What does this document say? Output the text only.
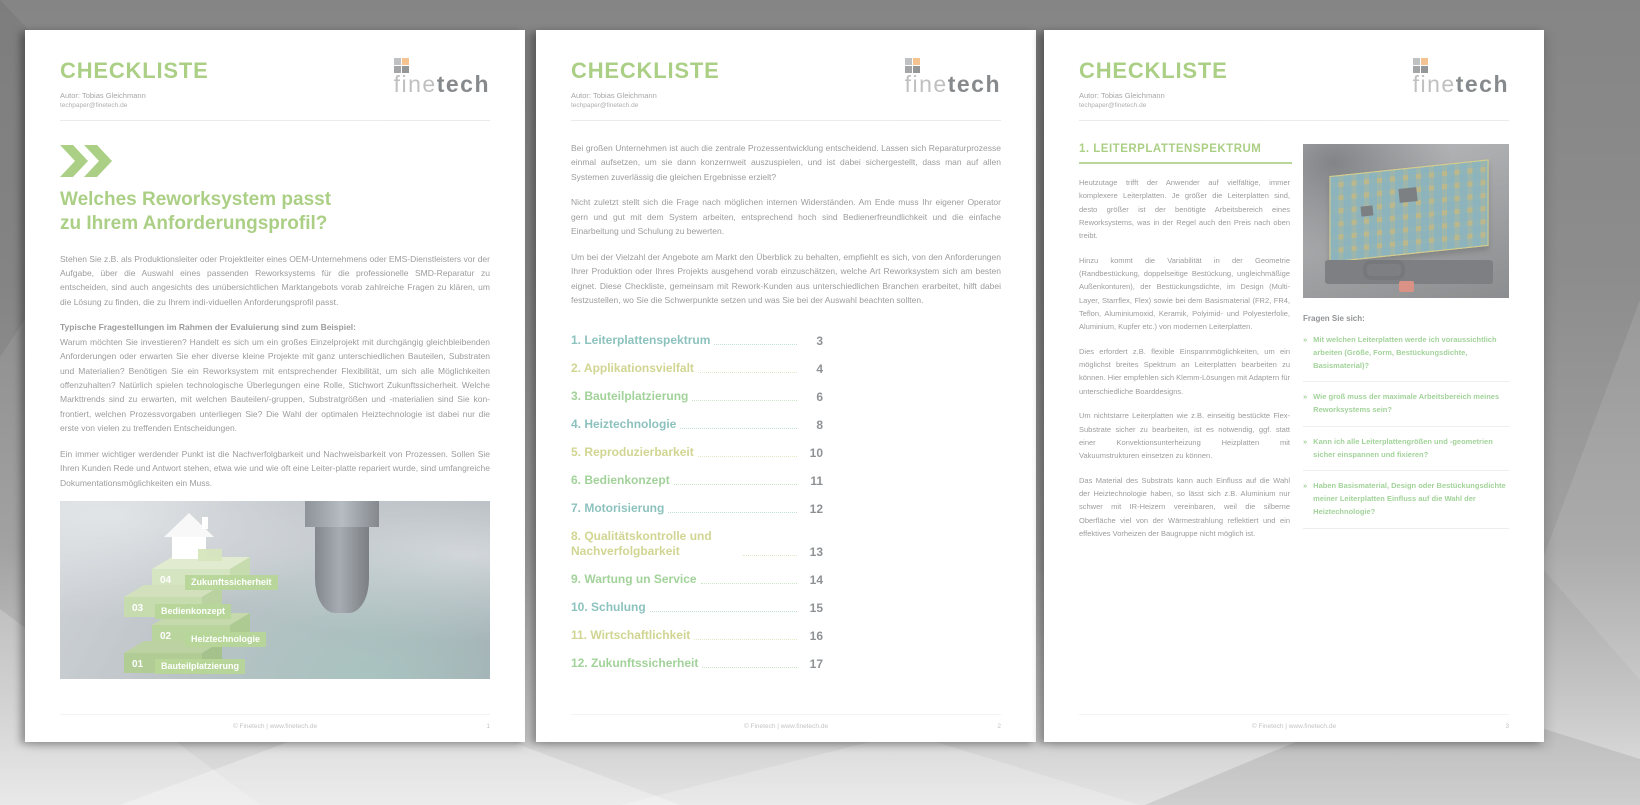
CHECKLISTE
Autor: Tobias Gleichmann
techpaper@finetech.de
finetech
Welches Reworksystem passt
zu Ihrem Anforderungsprofil?

Stehen Sie z.B. als Produktionsleiter oder Projektleiter eines OEM-Unternehmens oder EMS-Dienstleisters vor der Aufgabe, über die Auswahl eines passenden Reworksystems für die professionelle SMD-Reparatur zu entscheiden, sind auch angesichts des unübersichtlichen Marktangebots vorab zahlreiche Fragen zu klären, um die Lösung zu finden, die zu Ihrem indi-viduellen Anforderungsprofil passt.

Typische Fragestellungen im Rahmen der Evaluierung sind zum Beispiel:

Warum möchten Sie investieren? Handelt es sich um ein großes Einzelprojekt mit durchgängig gleichbleibenden Anforderungen oder erwarten Sie eher diverse kleine Projekte mit ganz unterschiedlichen Bauteilen, Substraten und Materialien? Benötigen Sie ein Reworksystem mit entsprechender Flexibilität, um sich alle Möglichkeiten offenzuhalten? Natürlich spielen technologische Überlegungen eine Rolle, Stichwort Zukunftssicherheit. Welche Markttrends sind zu erwarten, mit welchen Bauteilen/-gruppen, Substratgrößen und -materialien sind Sie kon-frontiert, welchen Prozessvorgaben unterliegen Sie? Die Wahl der optimalen Heiztechnologie ist dabei nur die erste von vielen zu treffenden Entscheidungen.

Ein immer wichtiger werdender Punkt ist die Nachverfolgbarkeit und Nachweisbarkeit von Prozessen. Sollen Sie Ihren Kunden Rede und Antwort stehen, etwa wie und wie oft eine Leiter-platte repariert wurde, sind umfangreiche Dokumentationsmöglichkeiten ein Muss.

04
03
02
01
Zukunftssicherheit
Bedienkonzept
Heiztechnologie
Bauteilplatzierung
© Finetech | www.finetech.de	1
CHECKLISTE
Autor: Tobias Gleichmann
techpaper@finetech.de
finetech

Bei großen Unternehmen ist auch die zentrale Prozessentwicklung entscheidend. Lassen sich Reparaturprozesse einmal aufsetzen, um sie dann konzernweit auszuspielen, und ist dabei sichergestellt, dass man auf allen Systemen zuverlässig die gleichen Ergebnisse erzielt?

Nicht zuletzt stellt sich die Frage nach möglichen internen Widerständen. Am Ende muss Ihr eigener Operator gern und gut mit dem System arbeiten, entsprechend hoch sind Bedienerfreundlichkeit und die einfache Einarbeitung und Schulung zu bewerten.

Um bei der Vielzahl der Angebote am Markt den Überblick zu behalten, empfiehlt es sich, von den Anforderungen Ihrer Produktion oder Ihres Projekts ausgehend vorab einzuschätzen, welche Art Reworksystem sich am besten eignet. Diese Checkliste, gemeinsam mit Rework-Kunden aus unterschiedlichen Branchen erarbeitet, hilft dabei festzustellen, wo Sie die Schwerpunkte setzen und was Sie bei der Auswahl beachten sollten.

1. Leiterplattenspektrum	3
2. Applikationsvielfalt	4
3. Bauteilplatzierung	6
4. Heiztechnologie	8
5. Reproduzierbarkeit	10
6. Bedienkonzept	11
7. Motorisierung	12
8. Qualitätskontrolle und Nachverfolgbarkeit	13
9. Wartung un Service	14
10. Schulung	15
11. Wirtschaftlichkeit	16
12. Zukunftssicherheit	17
© Finetech | www.finetech.de	2
CHECKLISTE
Autor: Tobias Gleichmann
techpaper@finetech.de
finetech
1. LEITERPLATTENSPEKTRUM

Heutzutage trifft der Anwender auf vielfältige, immer komplexere Leiterplatten. Je größer die Leiterplatten sind, desto größer ist der benötigte Arbeitsbereich eines Reworksystems, was in der Regel auch den Preis nach oben treibt.

Hinzu kommt die Variabilität in der Geometrie (Randbestückung, doppelseitige Bestückung, ungleichmäßige Außenkonturen), der Bestückungsdichte, im Design (Multi-Layer, Starrflex, Flex) sowie bei dem Basismaterial (FR2, FR4, Teflon, Aluminiumoxid, Keramik, Polyimid- und Polyesterfolie, Aluminium, Kupfer etc.) von modernen Leiterplatten.

Dies erfordert z.B. flexible Einspannmöglichkeiten, um ein möglichst breites Spektrum an Leiterplatten bearbeiten zu können. Hier empfehlen sich Klemm-Lösungen mit Adaptern für unterschiedliche Boarddesigns.

Um nichtstarre Leiterplatten wie z.B. einseitig bestückte Flex-Substrate sicher zu bearbeiten, ist es notwendig, ggf. statt einer Konvektionsunterheizung Heizplatten mit Vakuumstrukturen einsetzen zu können.

Das Material des Substrats kann auch Einfluss auf die Wahl der Heiztechnologie haben, so lässt sich z.B. Aluminium nur schwer mit IR-Heizern vereinbaren, weil die silberne Oberfläche viel von der Wärmestrahlung reflektiert und ein effektives Vorheizen der Baugruppe nicht möglich ist.

Fragen Sie sich:
» Mit welchen Leiterplatten werde ich voraussichtlich arbeiten (Größe, Form, Bestückungsdichte, Basismaterial)?
» Wie groß muss der maximale Arbeitsbereich meines Reworksystems sein?
» Kann ich alle Leiterplattengrößen und -geometrien sicher einspannen und fixieren?
» Haben Basismaterial, Design oder Bestückungsdichte meiner Leiterplatten Einfluss auf die Wahl der Heiztechnologie?
© Finetech | www.finetech.de	3
